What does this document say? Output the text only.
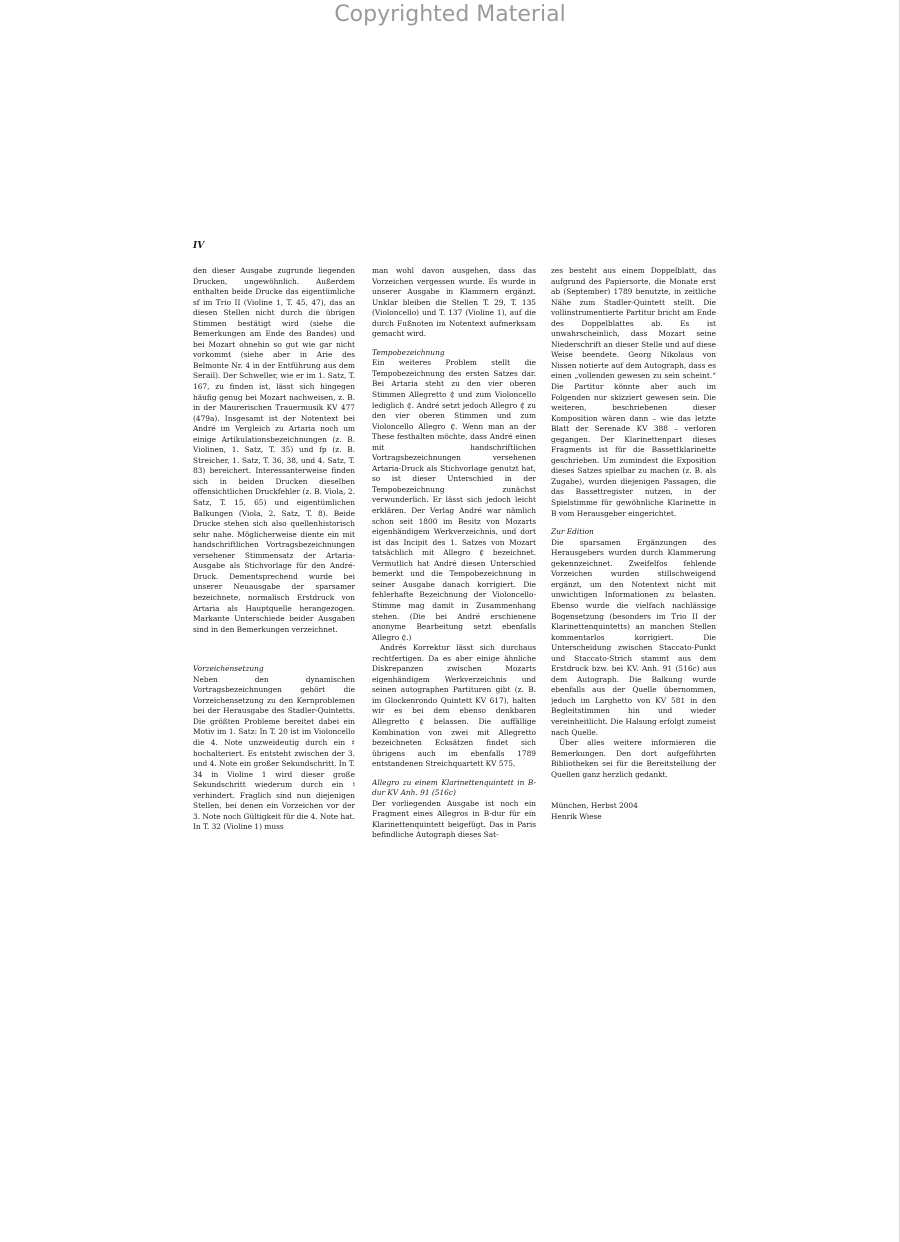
Copyrighted Material
IV

den dieser Ausgabe zugrunde liegenden Drucken, ungewöhnlich. Außerdem enthalten beide Drucke das eigentümliche sf im Trio II (Violine 1, T. 45, 47), das an diesen Stellen nicht durch die übrigen Stimmen bestätigt wird (siehe die Bemerkungen am Ende des Bandes) und bei Mozart ohnehin so gut wie gar nicht vorkommt (siehe aber in Arie des Belmonte Nr. 4 in der Entführung aus dem Serail). Der Schweller, wie er im 1. Satz, T. 167, zu finden ist, lässt sich hingegen häufig genug bei Mozart nachweisen, z. B. in der Maurerischen Trauermusik KV 477 (479a). Insgesamt ist der Notentext bei André im Vergleich zu Artaria noch um einige Artikulationsbezeichnungen (z. B. Violinen, 1. Satz, T. 35) und fp (z. B. Streicher, 1. Satz, T. 36, 38, und 4. Satz, T. 83) bereichert. Interessanterweise finden sich in beiden Drucken dieselben offensichtlichen Druckfehler (z. B. Viola, 2. Satz, T. 15, 65) und eigentümlichen Balkungen (Viola, 2. Satz, T. 8). Beide Drucke stehen sich also quellenhistorisch sehr nahe. Möglicherweise diente ein mit handschriftlichen Vortragsbezeichnungen versehener Stimmensatz der Artaria-Ausgabe als Stichvorlage für den André-Druck. Dementsprechend wurde bei unserer Neuausgabe der sparsamer bezeichnete, normalisch Erstdruck von Artaria als Hauptquelle herangezogen. Markante Unterschiede beider Ausgaben sind in den Bemerkungen verzeichnet.

Vorzeichensetzung

Neben den dynamischen Vortragsbezeichnungen gehört die Vorzeichensetzung zu den Kernproblemen bei der Herausgabe des Stadler-Quintetts. Die größten Probleme bereitet dabei ein Motiv im 1. Satz: In T. 20 ist im Violoncello die 4. Note unzweideutig durch ein ♯ hochalteriert. Es entsteht zwischen der 3. und 4. Note ein großer Sekundschritt. In T. 34 in Violine 1 wird dieser große Sekundschritt wiederum durch ein ♮ verhindert. Fraglich sind nun diejenigen Stellen, bei denen ein Vorzeichen vor der 3. Note noch Gültigkeit für die 4. Note hat. In T. 32 (Violine 1) muss

man wohl davon ausgehen, dass das Vorzeichen vergessen wurde. Es wurde in unserer Ausgabe in Klammern ergänzt. Unklar bleiben die Stellen T. 29, T. 135 (Violoncello) und T. 137 (Violine 1), auf die durch Fußnoten im Notentext aufmerksam gemacht wird.

Tempobezeichnung

Ein weiteres Problem stellt die Tempobezeichnung des ersten Satzes dar. Bei Artaria steht zu den vier oberen Stimmen Allegretto ₵ und zum Violoncello lediglich ₵. André setzt jedoch Allegro ₵ zu den vier oberen Stimmen und zum Violoncello Allegro ₵. Wenn man an der These festhalten möchte, dass André einen mit handschriftlichen Vortragsbezeichnungen versehenen Artaria-Druck als Stichvorlage genutzt hat, so ist dieser Unterschied in der Tempobezeichnung zunächst verwunderlich. Er lässt sich jedoch leicht erklären. Der Verlag André war nämlich schon seit 1800 im Besitz von Mozarts eigenhändigem Werkverzeichnis, und dort ist das Incipit des 1. Satzes von Mozart tatsächlich mit Allegro ₵ bezeichnet. Vermutlich hat André diesen Unterschied bemerkt und die Tempobezeichnung in seiner Ausgabe danach korrigiert. Die fehlerhafte Bezeichnung der Violoncello-Stimme mag damit in Zusammenhang stehen. (Die bei André erschienene anonyme Bearbeitung setzt ebenfalls Allegro ₵.)

Andrés Korrektur lässt sich durchaus rechtfertigen. Da es aber einige ähnliche Diskrepanzen zwischen Mozarts eigenhändigem Werkverzeichnis und seinen autographen Partituren gibt (z. B. im Glockenrondo Quintett KV 617), halten wir es bei dem ebenso denkbaren Allegretto ₵ belassen. Die auffällige Kombination von zwei mit Allegretto bezeichneten Ecksätzen findet sich übrigens auch im ebenfalls 1789 entstandenen Streichquartett KV 575.

Allegro zu einem Klarinettenquintett in B-dur KV Anh. 91 (516c)

Der vorliegenden Ausgabe ist noch ein Fragment eines Allegros in B-dur für ein Klarinettenquintett beigefügt. Das in Paris befindliche Autograph dieses Sat-

zes besteht aus einem Doppelblatt, das aufgrund des Papiersorte, die Monate erst ab (September) 1789 benutzte, in zeitliche Nähe zum Stadler-Quintett stellt. Die vollinstrumentierte Partitur bricht am Ende des Doppelblattes ab. Es ist unwahrscheinlich, dass Mozart seine Niederschrift an dieser Stelle und auf diese Weise beendete. Georg Nikolaus von Nissen notierte auf dem Autograph, dass es einen „vollenden gewesen zu sein scheint.“ Die Partitur könnte aber auch im Folgenden nur skizziert gewesen sein. Die weiteren, beschriebenen dieser Komposition wären dann – wie das letzte Blatt der Serenade KV 388 – verloren gegangen. Der Klarinettenpart dieses Fragments ist für die Bassettklarinette geschrieben. Um zumindest die Exposition dieses Satzes spielbar zu machen (z. B. als Zugabe), wurden diejenigen Passagen, die das Bassettregister nutzen, in der Spielstimme für gewöhnliche Klarinette in B vom Herausgeber eingerichtet.

Zur Edition

Die sparsamen Ergänzungen des Herausgebers wurden durch Klammerung gekennzeichnet. Zweifelfos fehlende Vorzeichen wurden stillschweigend ergänzt, um den Notentext nicht mit unwichtigen Informationen zu belasten. Ebenso wurde die vielfach nachlässige Bogensetzung (besonders im Trio II der Klarinettenquintetts) an manchen Stellen kommentarlos korrigiert. Die Unterscheidung zwischen Staccato-Punkt und Staccato-Strich stammt aus dem Erstdruck bzw. bei KV. Anh. 91 (516c) aus dem Autograph. Die Balkung wurde ebenfalls aus der Quelle übernommen, jedoch im Larghetto von KV 581 in den Begleitstimmen hin und wieder vereinheitlicht. Die Halsung erfolgt zumeist nach Quelle.

Über alles weitere informieren die Bemerkungen. Den dort aufgeführten Bibliotheken sei für die Bereitstellung der Quellen ganz herzlich gedankt.

München, Herbst 2004

Henrik Wiese
